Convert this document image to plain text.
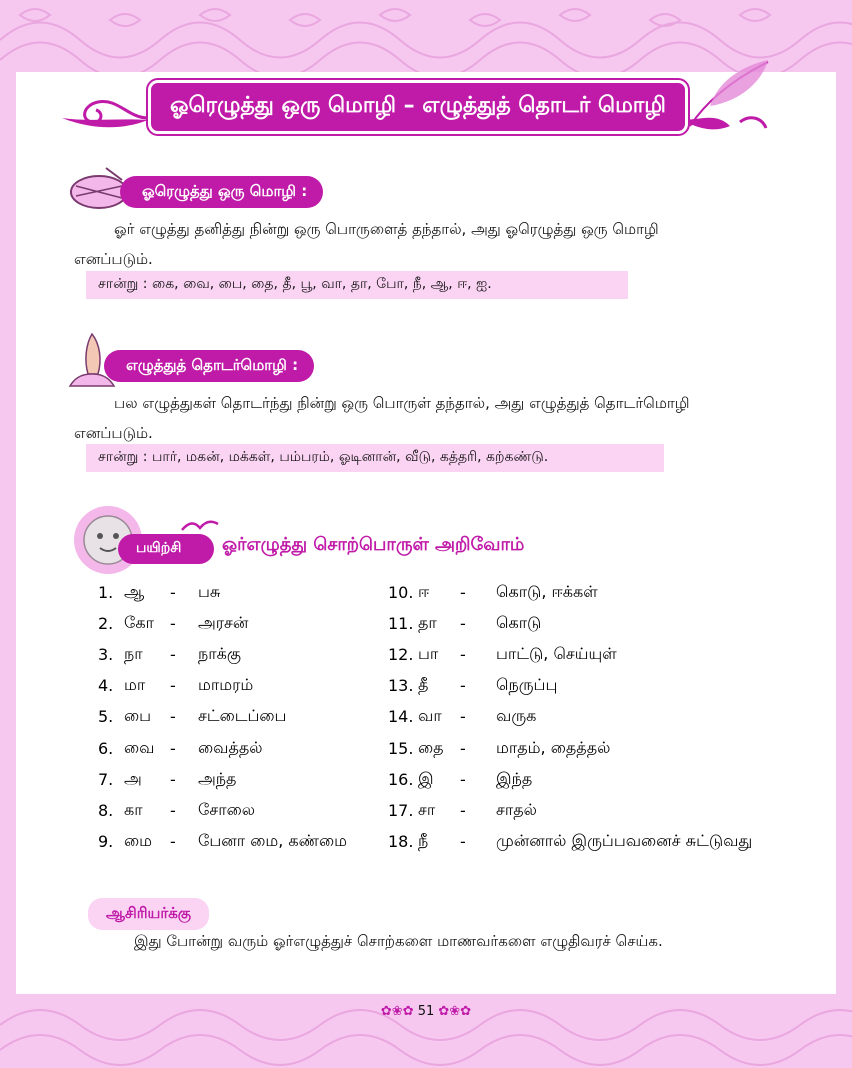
ஓரெழுத்து ஒரு மொழி – எழுத்துத் தொடர் மொழி
ஓரெழுத்து ஒரு மொழி :
ஓர் எழுத்து தனித்து நின்று ஒரு பொருளைத் தந்தால், அது ஓரெழுத்து ஒரு மொழி
எனப்படும்.
சான்று : கை, வை, பை, தை, தீ, பூ, வா, தா, போ, நீ, ஆ, ஈ, ஐ.
எழுத்துத் தொடர்மொழி :
பல எழுத்துகள் தொடர்ந்து நின்று ஒரு பொருள் தந்தால், அது எழுத்துத் தொடர்மொழி
எனப்படும்.
சான்று : பார், மகன், மக்கள், பம்பரம், ஓடினான், வீடு, கத்தரி, கற்கண்டு.
பயிற்சி	ஓர்எழுத்து சொற்பொருள் அறிவோம்
1. ஆ	-	பசு
2. கோ	-	அரசன்
3. நா	-	நாக்கு
4. மா	-	மாமரம்
5. பை	-	சட்டைப்பை
6. வை -	வைத்தல்
7. அ	-	அந்த
8. கா	-	சோலை
9. மை	-	பேனா மை, கண்மை
10. ஈ	-	கொடு, ஈக்கள்
11. தா	-	கொடு
12. பா	-	பாட்டு, செய்யுள்
13. தீ	-	நெருப்பு
14. வா	-	வருக
15. தை	-	மாதம், தைத்தல்
16. இ	-	இந்த
17. சா	-	சாதல்
18. நீ	-	முன்னால் இருப்பவனைச் சுட்டுவது
ஆசிரியர்க்கு
இது போன்று வரும் ஓர்எழுத்துச் சொற்களை மாணவர்களை எழுதிவரச் செய்க.
✿❀✿ 51 ✿❀✿
